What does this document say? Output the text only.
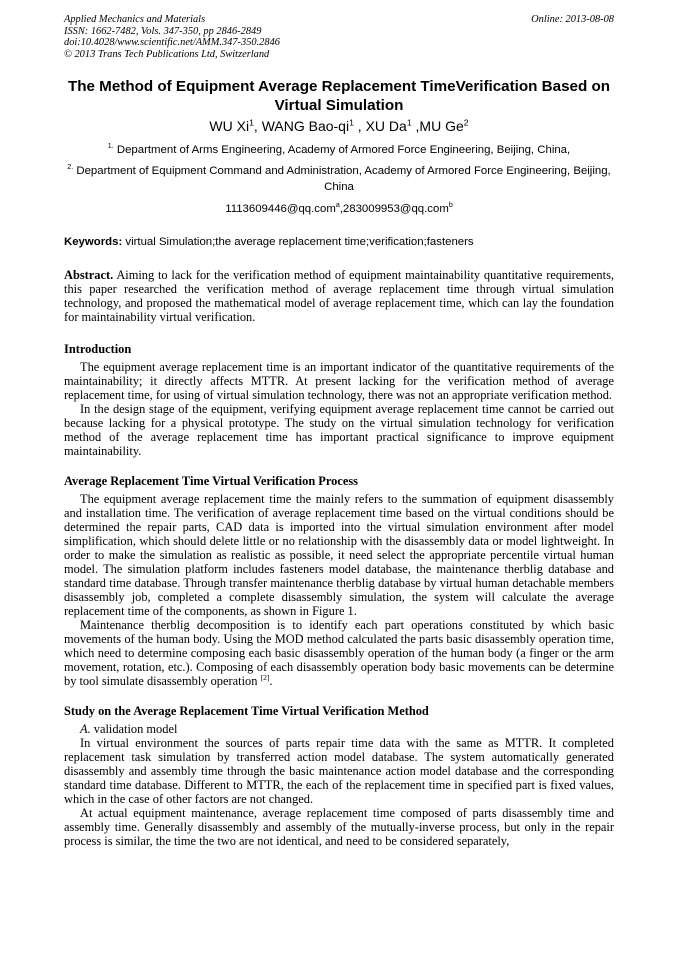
Applied Mechanics and Materials
ISSN: 1662-7482, Vols. 347-350, pp 2846-2849
doi:10.4028/www.scientific.net/AMM.347-350.2846
© 2013 Trans Tech Publications Ltd, Switzerland
Online: 2013-08-08
The Method of Equipment Average Replacement TimeVerification Based on Virtual Simulation
WU Xi$^1$, WANG Bao-$qi^1$ , XU Da$^1$ ,MU Ge$^2$
$^{1.}$ Department of Arms Engineering, Academy of Armored Force Engineering, Beijing, China,
$^{2.}$ Department of Equipment Command and Administration, Academy of Armored Force Engineering, Beijing, China
1113609446@qq.com$^a$,283009953@qq.com$^b$
Keywords: virtual Simulation;the average replacement time;verification;fasteners
Abstract. Aiming to lack for the verification method of equipment maintainability quantitative requirements, this paper researched the verification method of average replacement time through virtual simulation technology, and proposed the mathematical model of average replacement time, which can lay the foundation for maintainability virtual verification.
Introduction

The equipment average replacement time is an important indicator of the quantitative requirements of the maintainability; it directly affects MTTR. At present lacking for the verification method of average replacement time, for using of virtual simulation technology, there was not an appropriate verification method.

In the design stage of the equipment, verifying equipment average replacement time cannot be carried out because lacking for a physical prototype. The study on the virtual simulation technology for verification method of the average replacement time has important practical significance to improve equipment maintainability.

Average Replacement Time Virtual Verification Process

The equipment average replacement time the mainly refers to the summation of equipment disassembly and installation time. The verification of average replacement time based on the virtual conditions should be determined the repair parts, CAD data is imported into the virtual simulation environment after model simplification, which should delete little or no relationship with the disassembly data or model lightweight. In order to make the simulation as realistic as possible, it need select the appropriate percentile virtual human model. The simulation platform includes fasteners model database, the maintenance therblig database and standard time database. Through transfer maintenance therblig database by virtual human detachable members disassembly job, completed a complete disassembly simulation, the system will calculate the average replacement time of the components, as shown in Figure 1.

Maintenance therblig decomposition is to identify each part operations constituted by which basic movements of the human body. Using the MOD method calculated the parts basic disassembly operation time, which need to determine composing each basic disassembly operation of the human body (a finger or the arm movement, rotation, etc.). Composing of each disassembly operation body basic movements can be determine by tool simulate disassembly operation [2].

Study on the Average Replacement Time Virtual Verification Method
A. validation model

In virtual environment the sources of parts repair time data with the same as MTTR. It completed replacement task simulation by transferred action model database. The system automatically generated disassembly and assembly time through the basic maintenance action model database and the corresponding standard time database. Different to MTTR, the each of the replacement time in specified part is fixed values, which in the case of other factors are not changed.

At actual equipment maintenance, average replacement time composed of parts disassembly time and assembly time. Generally disassembly and assembly of the mutually-inverse process, but only in the repair process is similar, the time the two are not identical, and need to be considered separately,
